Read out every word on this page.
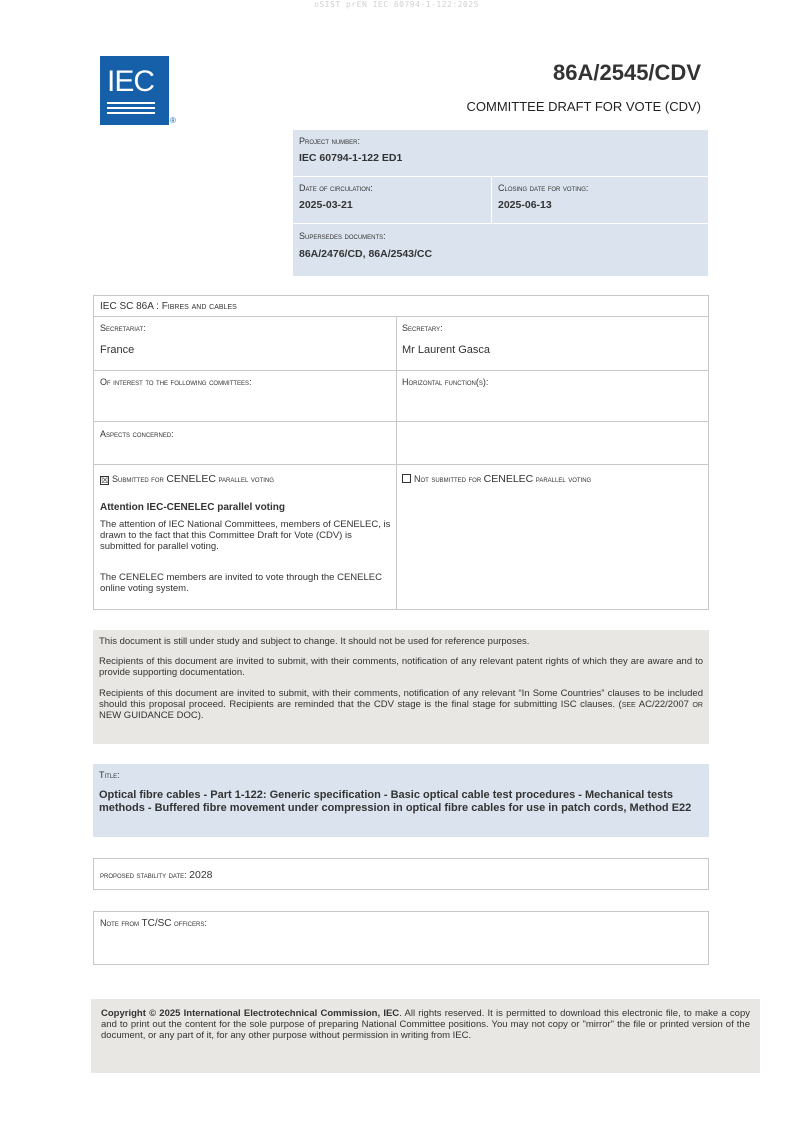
oSIST prEN IEC 60794-1-122:2025
IEC
®
86A/2545/CDV
COMMITTEE DRAFT FOR VOTE (CDV)
Project number:
IEC 60794-1-122 ED1
Date of circulation:
2025-03-21
Closing date for voting:
2025-06-13
Supersedes documents:
86A/2476/CD, 86A/2543/CC
IEC SC 86A : Fibres and cables
Secretariat:
France
Secretary:
Mr Laurent Gasca
Of interest to the following committees:	Horizontal function(s):
Aspects concerned:
☒ Submitted for CENELEC parallel voting	Not submitted for CENELEC parallel voting
Attention IEC-CENELEC parallel voting
The attention of IEC National Committees, members of CENELEC, is drawn to the fact that this Committee Draft for Vote (CDV) is submitted for parallel voting.
The CENELEC members are invited to vote through the CENELEC online voting system.
This document is still under study and subject to change. It should not be used for reference purposes.
Recipients of this document are invited to submit, with their comments, notification of any relevant patent rights of which they are aware and to provide supporting documentation.
Recipients of this document are invited to submit, with their comments, notification of any relevant “In Some Countries” clauses to be included should this proposal proceed. Recipients are reminded that the CDV stage is the final stage for submitting ISC clauses. (see AC/22/2007 or NEW GUIDANCE DOC).
Title:
Optical fibre cables - Part 1-122: Generic specification - Basic optical cable test procedures - Mechanical tests methods - Buffered fibre movement under compression in optical fibre cables for use in patch cords, Method E22
proposed stability date: 2028
Note from TC/SC officers:
Copyright © 2025 International Electrotechnical Commission, IEC. All rights reserved. It is permitted to download this electronic file, to make a copy and to print out the content for the sole purpose of preparing National Committee positions. You may not copy or "mirror" the file or printed version of the document, or any part of it, for any other purpose without permission in writing from IEC.
